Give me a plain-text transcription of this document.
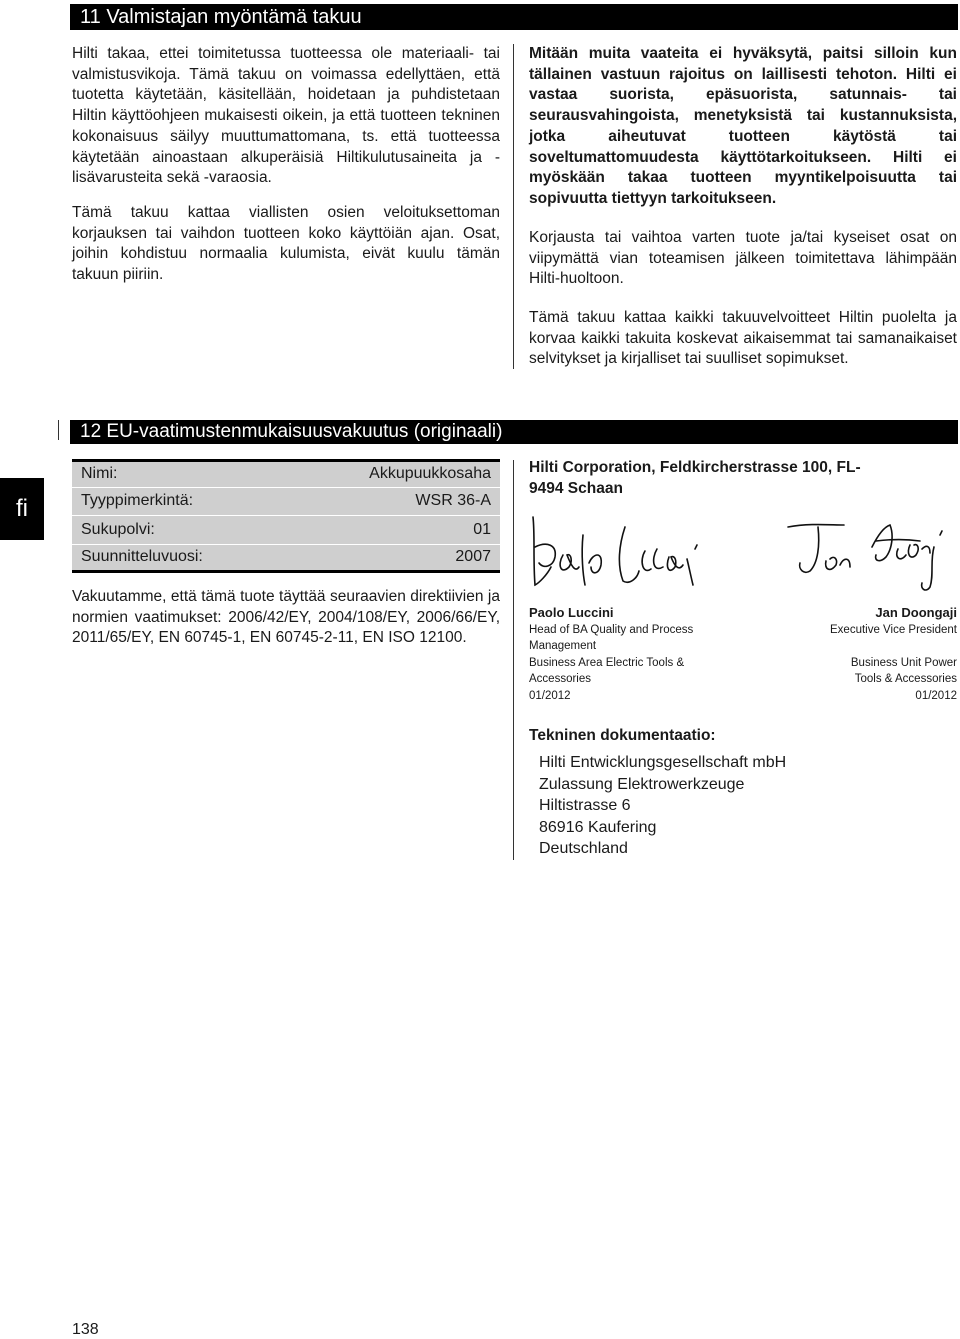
11 Valmistajan myöntämä takuu

Hilti takaa, ettei toimitetussa tuotteessa ole materiaali- tai valmistusvikoja. Tämä takuu on voimassa edellyttäen, että tuotetta käytetään, käsitellään, hoidetaan ja puhdistetaan Hiltin käyttöohjeen mukaisesti oikein, ja että tuotteen tekninen kokonaisuus säilyy muuttumattomana, ts. että tuotteessa käytetään ainoastaan alkuperäisiä Hiltikulutusaineita ja -lisävarusteita sekä -varaosia.

Tämä takuu kattaa viallisten osien veloituksettoman korjauksen tai vaihdon tuotteen koko käyttöiän ajan. Osat, joihin kohdistuu normaalia kulumista, eivät kuulu tämän takuun piiriin.

Mitään muita vaateita ei hyväksytä, paitsi silloin kun tällainen vastuun rajoitus on laillisesti tehoton. Hilti ei vastaa suorista, epäsuorista, satunnais- tai seurausvahingoista, menetyksistä tai kustannuksista, jotka aiheutuvat tuotteen käytöstä tai soveltumattomuudesta käyttötarkoitukseen. Hilti ei myöskään takaa tuotteen myyntikelpoisuutta tai sopivuutta tiettyyn tarkoitukseen.

Korjausta tai vaihtoa varten tuote ja/tai kyseiset osat on viipymättä vian toteamisen jälkeen toimitettava lähimpään Hilti-huoltoon.

Tämä takuu kattaa kaikki takuuvelvoitteet Hiltin puolelta ja korvaa kaikki takuita koskevat aikaisemmat tai samanaikaiset selvitykset ja kirjalliset tai suulliset sopimukset.

12 EU-vaatimustenmukaisuusvakuutus (originaali)
fi
Nimi:	Akkupuukkosaha
Tyyppimerkintä:	WSR 36-A
Sukupolvi:	01
Suunnitteluvuosi:	2007

Vakuutamme, että tämä tuote täyttää seuraavien direktiivien ja normien vaatimukset: 2006/42/EY, 2004/108/EY, 2006/66/EY, 2011/65/EY, EN 60745-1, EN 60745-2-11, EN ISO 12100.

Hilti Corporation, Feldkircherstrasse 100, FL-9494 Schaan

Paolo Luccini
Head of BA Quality and Process Management
Business Area Electric Tools & Accessories
01/2012
Jan Doongaji
Executive Vice President
Business Unit Power
Tools & Accessories
01/2012
Tekninen dokumentaatio:
Hilti Entwicklungsgesellschaft mbH
Zulassung Elektrowerkzeuge
Hiltistrasse 6
86916 Kaufering
Deutschland
138
